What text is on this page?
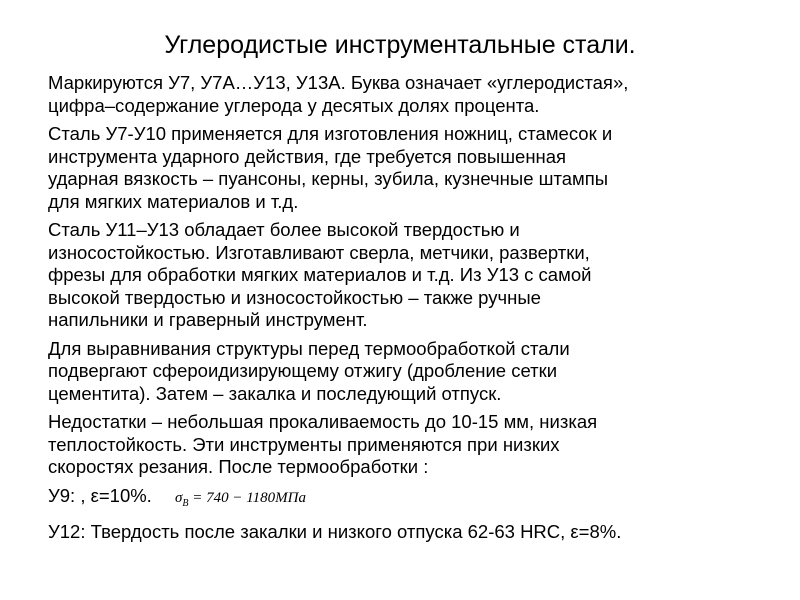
Углеродистые инструментальные стали.
Маркируются У7, У7А…У13, У13А. Буква означает «углеродистая»,
цифра–содержание углерода у десятых долях процента.
Сталь У7-У10 применяется для изготовления ножниц, стамесок и
инструмента ударного действия, где требуется повышенная
ударная вязкость – пуансоны, керны, зубила, кузнечные штампы
для мягких материалов и т.д.
Сталь У11–У13 обладает более высокой твердостью и
износостойкостью. Изготавливают сверла, метчики, развертки,
фрезы для обработки мягких материалов и т.д. Из У13 с самой
высокой твердостью и износостойкостью – также ручные
напильники и граверный инструмент.
Для выравнивания структуры перед термообработкой стали
подвергают сфероидизирующему отжигу (дробление сетки
цементита). Затем – закалка и последующий отпуск.
Недостатки – небольшая прокаливаемость до 10-15 мм, низкая
теплостойкость. Эти инструменты применяются при низких
скоростях резания. После термообработки :
У9: , ε=10%. $\sigma_В = 740 - 1180МПа$
У12: Твердость после закалки и низкого отпуска 62-63 HRC, ε=8%.
